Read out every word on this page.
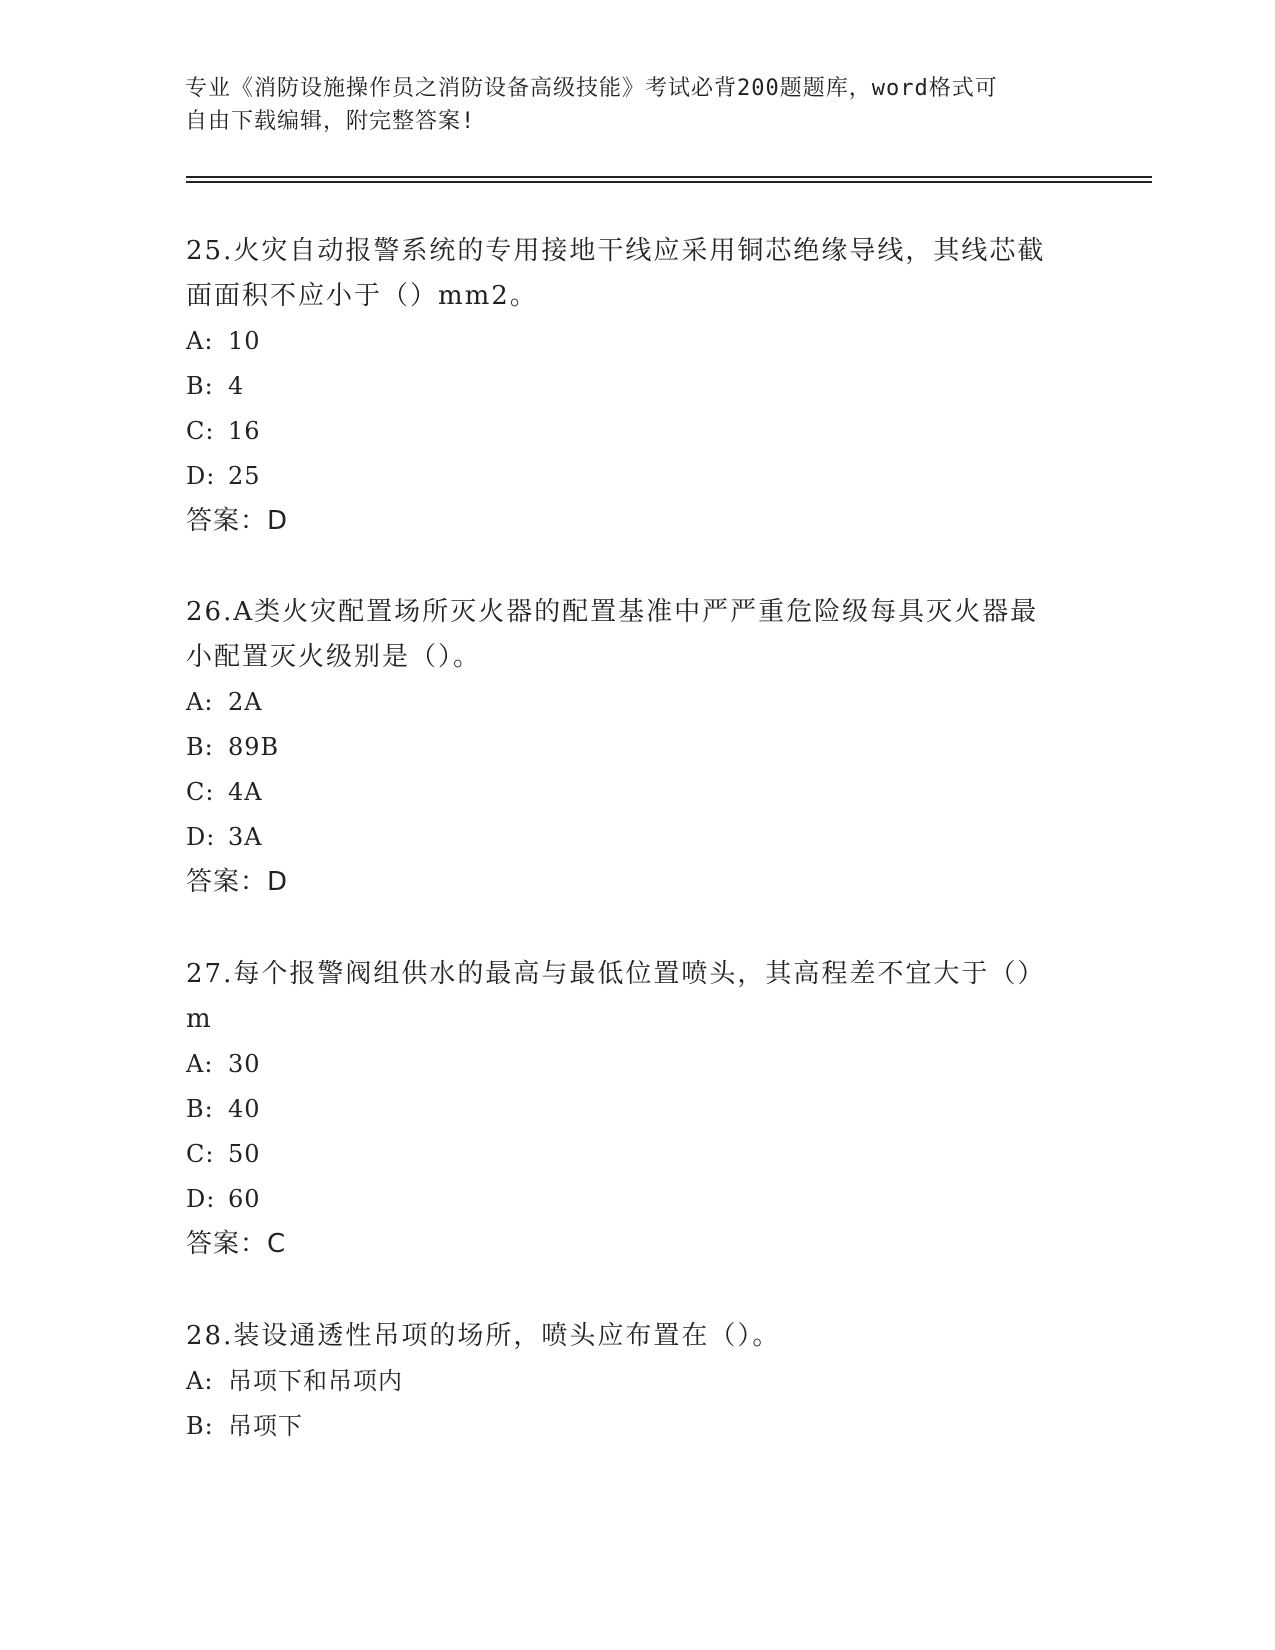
专业《消防设施操作员之消防设备高级技能》考试必背200题题库，word格式可
自由下载编辑，附完整答案!

25.火灾自动报警系统的专用接地干线应采用铜芯绝缘导线，其线芯截面面积不应小于（）mm2。

A: 10

B: 4

C: 16

D: 25

答案：D

26.A类火灾配置场所灭火器的配置基准中严严重危险级每具灭火器最小配置灭火级别是（）。

A: 2A

B: 89B

C: 4A

D: 3A

答案：D

27.每个报警阀组供水的最高与最低位置喷头，其高程差不宜大于（）m

A: 30

B: 40

C: 50

D: 60

答案：C

28.装设通透性吊项的场所，喷头应布置在（）。

A: 吊项下和吊项内

B: 吊项下
